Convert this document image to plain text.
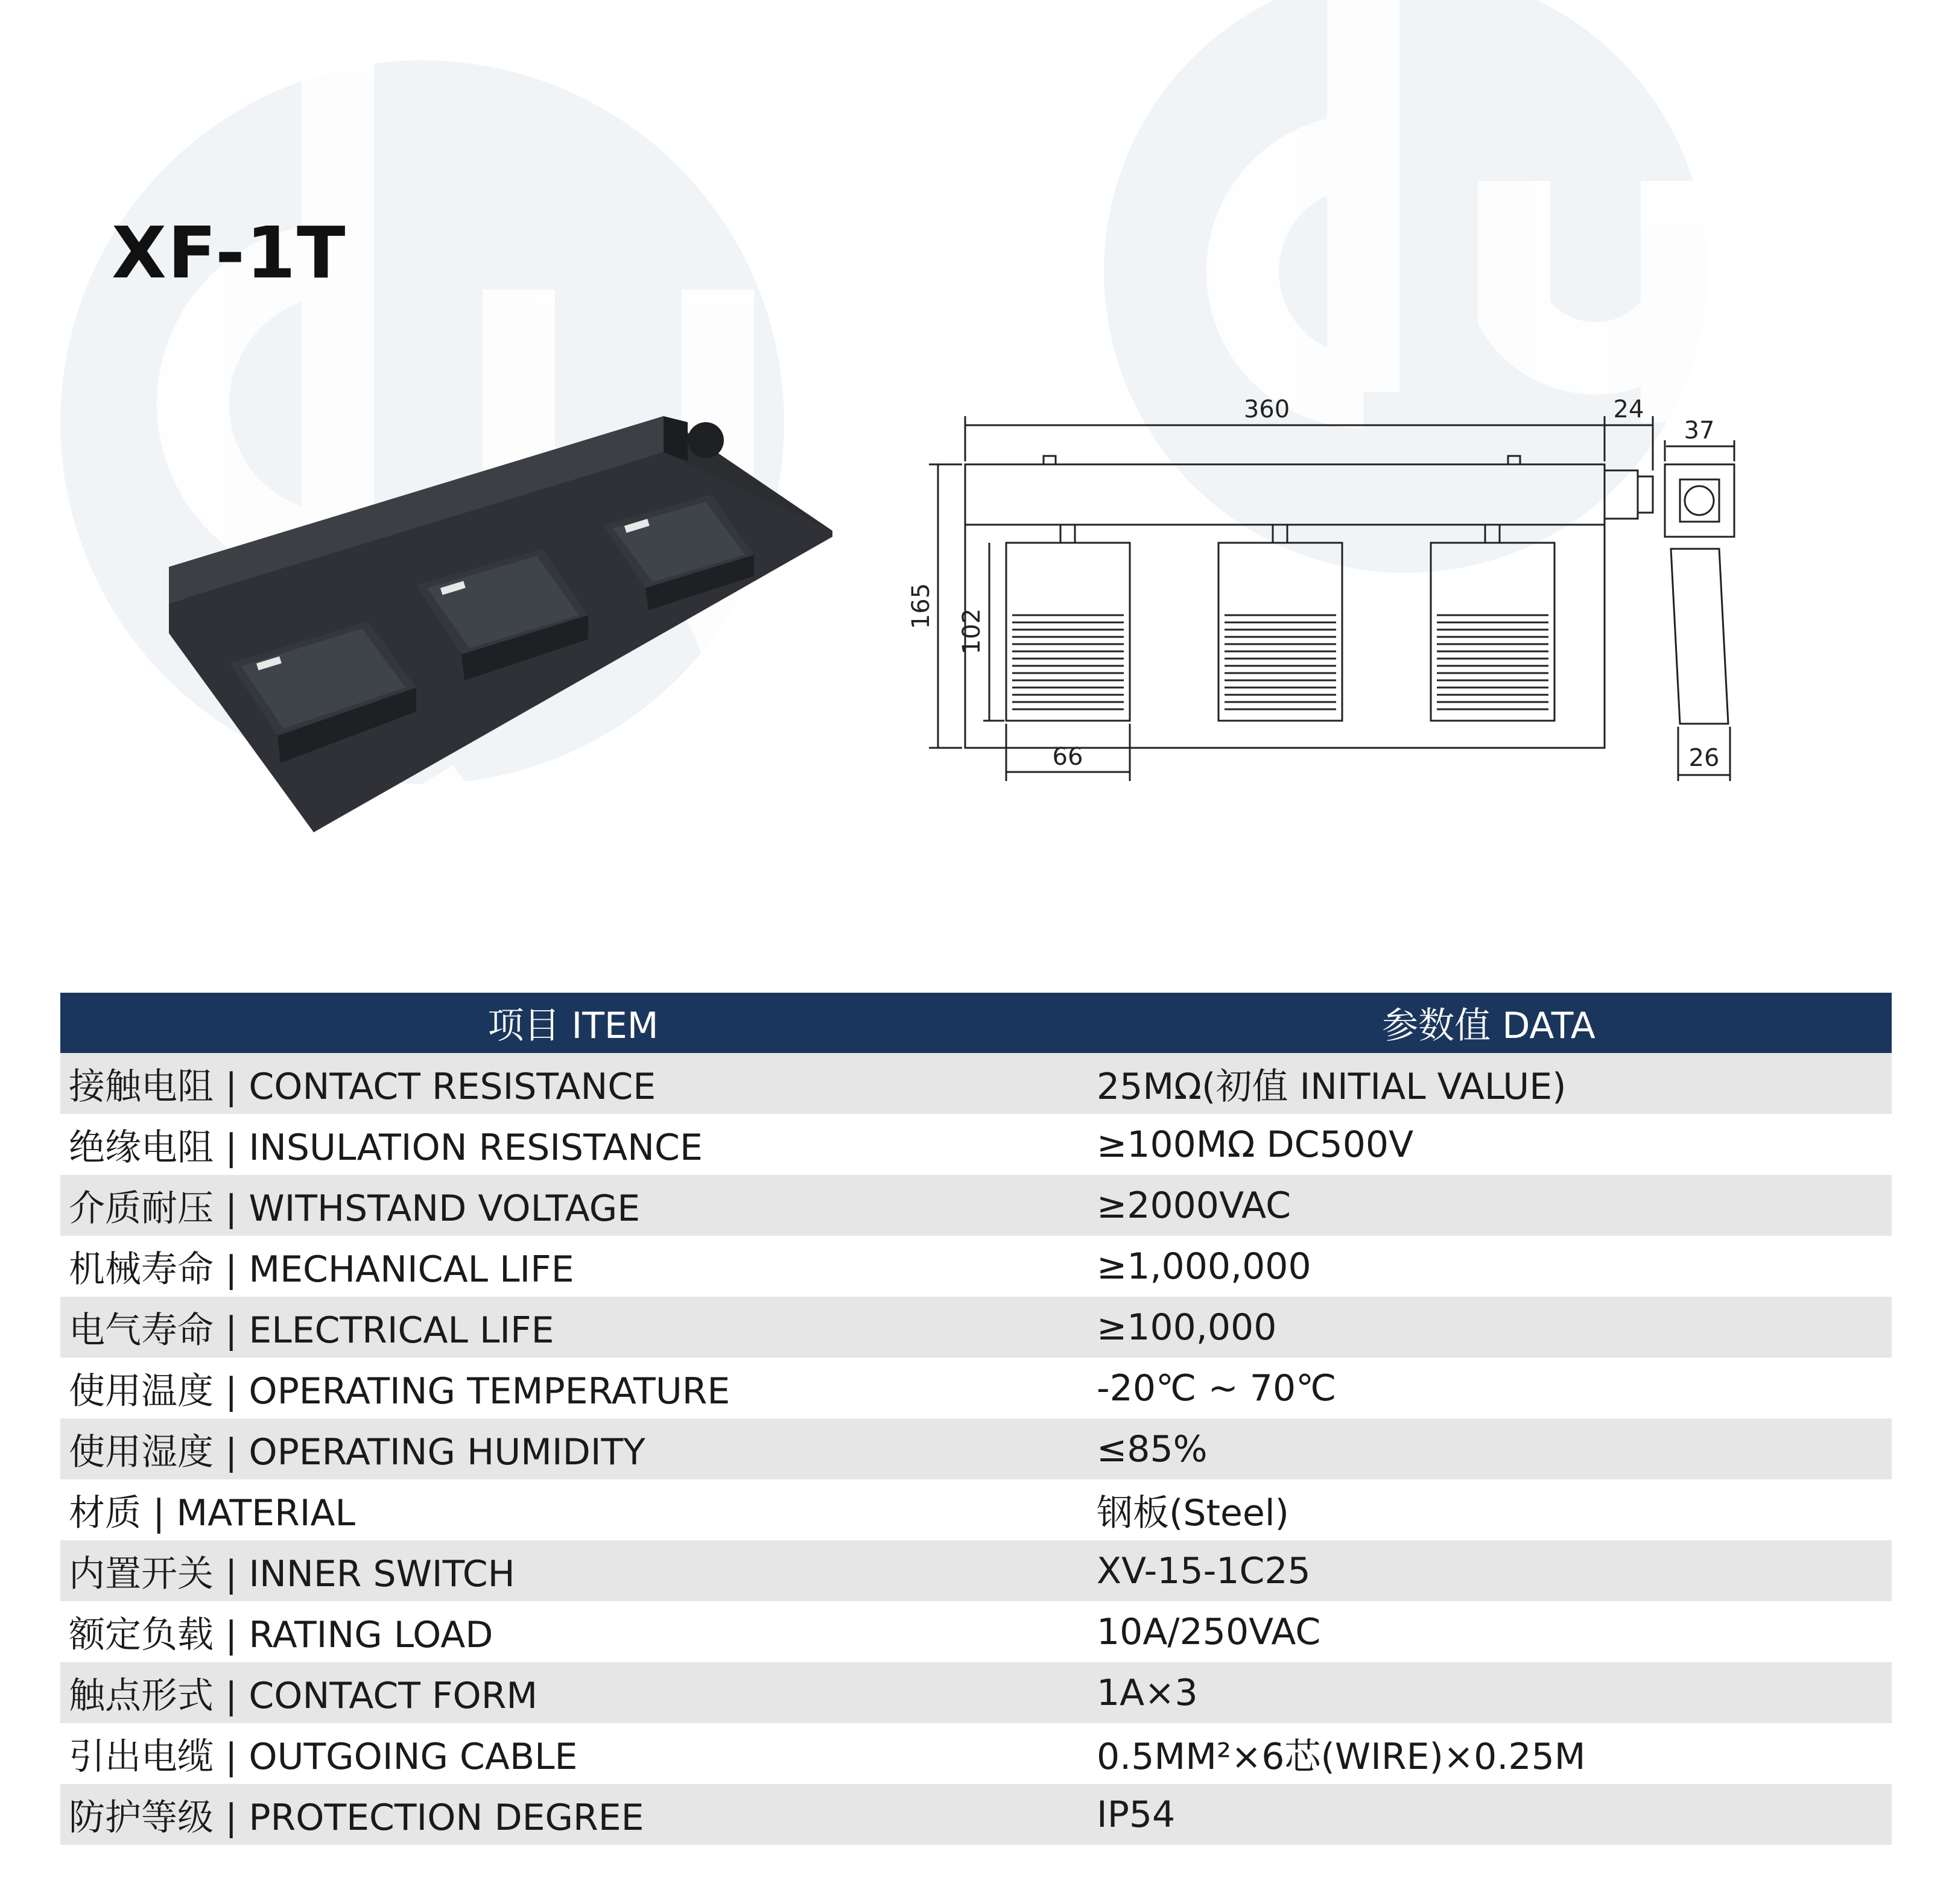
XF-1T
360	24
37
165
102
66	26
项目 ITEM	参数值 DATA
接触电阻 | CONTACT RESISTANCE	25MΩ(初值 INITIAL VALUE)
绝缘电阻 | INSULATION RESISTANCE	≥100MΩ DC500V
介质耐压 | WITHSTAND VOLTAGE	≥2000VAC
机械寿命 | MECHANICAL LIFE	≥1,000,000
电气寿命 | ELECTRICAL LIFE	≥100,000
使用温度 | OPERATING TEMPERATURE	-20℃ ~ 70℃
使用湿度 | OPERATING HUMIDITY	≤85%
材质 | MATERIAL	钢板(Steel)
内置开关 | INNER SWITCH	XV-15-1C25
额定负载 | RATING LOAD	10A/250VAC
触点形式 | CONTACT FORM	1A×3
引出电缆 | OUTGOING CABLE	0.5MM²×6芯(WIRE)×0.25M
防护等级 | PROTECTION DEGREE	IP54
